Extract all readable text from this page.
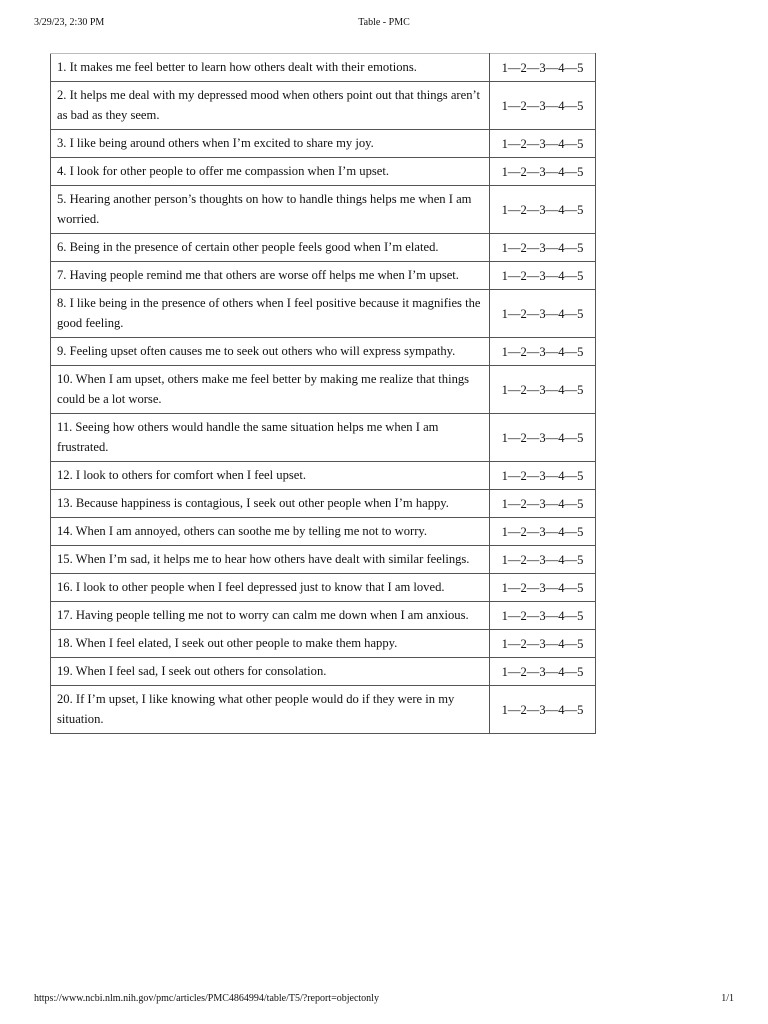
3/29/23, 2:30 PM	Table - PMC
1. It makes me feel better to learn how others dealt with their emotions.	1—2—3—4—5
2. It helps me deal with my depressed mood when others point out that things aren’t as bad as they seem.	1—2—3—4—5
3. I like being around others when I’m excited to share my joy.	1—2—3—4—5
4. I look for other people to offer me compassion when I’m upset.	1—2—3—4—5
5. Hearing another person’s thoughts on how to handle things helps me when I am worried.	1—2—3—4—5
6. Being in the presence of certain other people feels good when I’m elated.	1—2—3—4—5
7. Having people remind me that others are worse off helps me when I’m upset.	1—2—3—4—5
8. I like being in the presence of others when I feel positive because it magnifies the good feeling.	1—2—3—4—5
9. Feeling upset often causes me to seek out others who will express sympathy.	1—2—3—4—5
10. When I am upset, others make me feel better by making me realize that things could be a lot worse.	1—2—3—4—5
11. Seeing how others would handle the same situation helps me when I am frustrated.	1—2—3—4—5
12. I look to others for comfort when I feel upset.	1—2—3—4—5
13. Because happiness is contagious, I seek out other people when I’m happy.	1—2—3—4—5
14. When I am annoyed, others can soothe me by telling me not to worry.	1—2—3—4—5
15. When I’m sad, it helps me to hear how others have dealt with similar feelings.	1—2—3—4—5
16. I look to other people when I feel depressed just to know that I am loved.	1—2—3—4—5
17. Having people telling me not to worry can calm me down when I am anxious.	1—2—3—4—5
18. When I feel elated, I seek out other people to make them happy.	1—2—3—4—5
19. When I feel sad, I seek out others for consolation.	1—2—3—4—5
20. If I’m upset, I like knowing what other people would do if they were in my situation.	1—2—3—4—5
https://www.ncbi.nlm.nih.gov/pmc/articles/PMC4864994/table/T5/?report=objectonly	1/1
